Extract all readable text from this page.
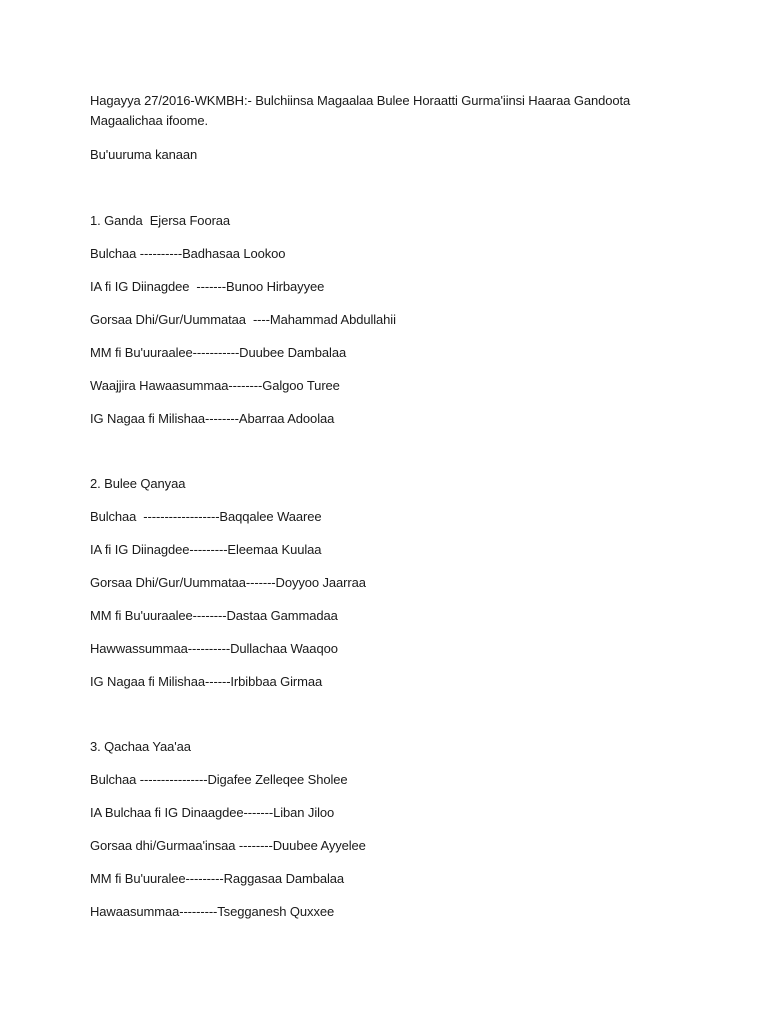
Hagayya 27/2016-WKMBH:- Bulchiinsa Magaalaa Bulee Horaatti Gurma'iinsi Haaraa Gandoota Magaalichaa ifoome.

Bu'uuruma kanaan
1. Ganda  Ejersa Fooraa
Bulchaa ----------Badhasaa Lookoo
IA fi IG Diinagdee  -------Bunoo Hirbayyee
Gorsaa Dhi/Gur/Uummataa  ----Mahammad Abdullahii
MM fi Bu'uuraalee-----------Duubee Dambalaa
Waajjira Hawaasummaa--------Galgoo Turee
IG Nagaa fi Milishaa--------Abarraa Adoolaa
2. Bulee Qanyaa
Bulchaa  ------------------Baqqalee Waaree
IA fi IG Diinagdee---------Eleemaa Kuulaa
Gorsaa Dhi/Gur/Uummataa-------Doyyoo Jaarraa
MM fi Bu'uuraalee--------Dastaa Gammadaa
Hawwassummaa----------Dullachaa Waaqoo
IG Nagaa fi Milishaa------Irbibbaa Girmaa
3. Qachaa Yaa'aa
Bulchaa ----------------Digafee Zelleqee Sholee
IA Bulchaa fi IG Dinaagdee-------Liban Jiloo
Gorsaa dhi/Gurmaa'insaa --------Duubee Ayyelee
MM fi Bu'uuralee---------Raggasaa Dambalaa
Hawaasummaa---------Tsegganesh Quxxee
